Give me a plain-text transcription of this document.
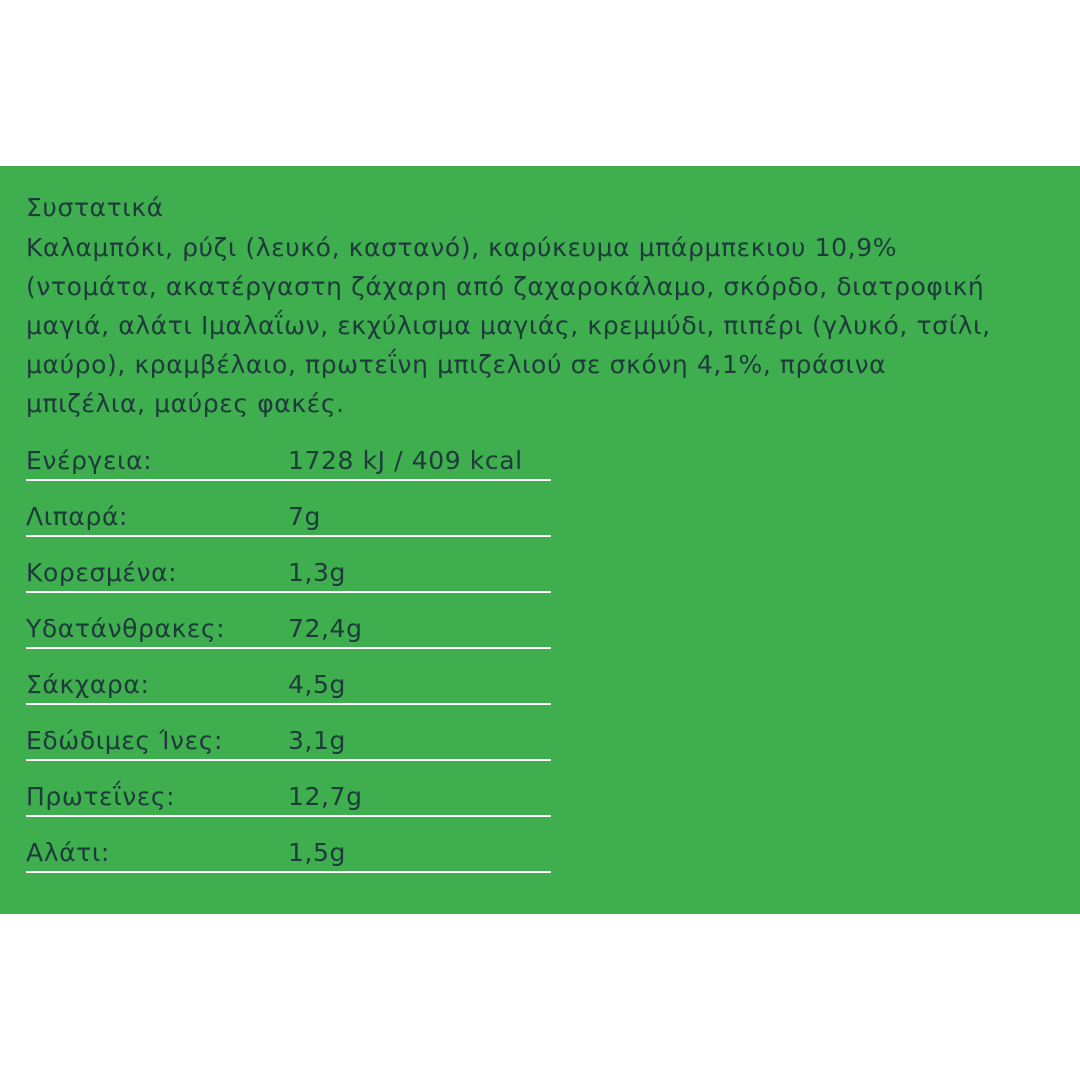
Συστατικά
Καλαμπόκι, ρύζι (λευκό, καστανό), καρύκευμα μπάρμπεκιου 10,9%
(ντομάτα, ακατέργαστη ζάχαρη από ζαχαροκάλαμο, σκόρδο, διατροφική
μαγιά, αλάτι Ιμαλαΐων, εκχύλισμα μαγιάς, κρεμμύδι, πιπέρι (γλυκό, τσίλι,
μαύρο), κραμβέλαιο, πρωτεΐνη μπιζελιού σε σκόνη 4,1%, πράσινα
μπιζέλια, μαύρες φακές.
Ενέργεια:	1728 kJ / 409 kcal
Λιπαρά:	7g
Κορεσμένα:	1,3g
Υδατάνθρακες:	72,4g
Σάκχαρα:	4,5g
Εδώδιμες Ίνες:	3,1g
Πρωτεΐνες:	12,7g
Αλάτι:	1,5g
